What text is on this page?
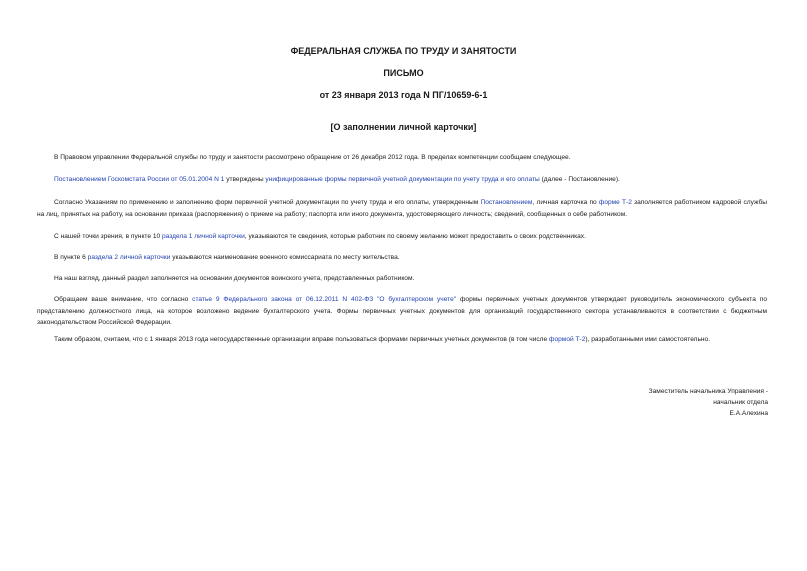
ФЕДЕРАЛЬНАЯ СЛУЖБА ПО ТРУДУ И ЗАНЯТОСТИ
ПИСЬМО
от 23 января 2013 года N ПГ/10659-6-1
[О заполнении личной карточки]

В Правовом управлении Федеральной службы по труду и занятости рассмотрено обращение от 26 декабря 2012 года. В пределах компетенции сообщаем следующее.

Постановлением Госкомстата России от 05.01.2004 N 1 утверждены унифицированные формы первичной учетной документации по учету труда и его оплаты (далее - Постановление).

Согласно Указаниям по применению и заполнению форм первичной учетной документации по учету труда и его оплаты, утвержденным Постановлением, личная карточка по форме Т-2 заполняется работником кадровой службы на лиц, принятых на работу, на основании приказа (распоряжения) о приеме на работу; паспорта или иного документа, удостоверяющего личность; сведений, сообщенных о себе работником.

С нашей точки зрения, в пункте 10 раздела 1 личной карточки, указываются те сведения, которые работник по своему желанию может предоставить о своих родственниках.

В пункте 6 раздела 2 личной карточки указываются наименование военного комиссариата по месту жительства.

На наш взгляд, данный раздел заполняется на основании документов воинского учета, представленных работником.

Обращаем ваше внимание, что согласно статье 9 Федерального закона от 06.12.2011 N 402-ФЗ "О бухгалтерском учете" формы первичных учетных документов утверждает руководитель экономического субъекта по представлению должностного лица, на которое возложено ведение бухгалтерского учета. Формы первичных учетных документов для организаций государственного сектора устанавливаются в соответствии с бюджетным законодательством Российской Федерации.

Таким образом, считаем, что с 1 января 2013 года негосударственные организации вправе пользоваться формами первичных учетных документов (в том числе формой Т-2), разработанными ими самостоятельно.

Заместитель начальника Управления -
начальник отдела
Е.А.Алехина
